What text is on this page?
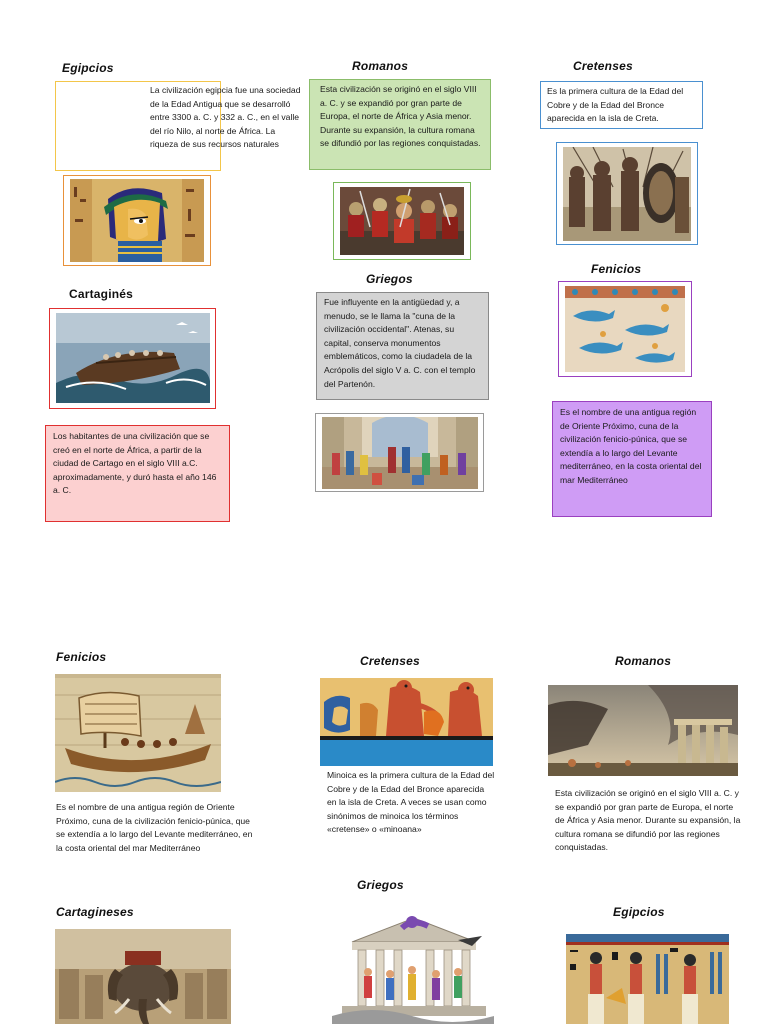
Egipcios
La civilización egipcia fue una sociedad de la Edad Antigua que se desarrolló entre 3300 a. C. y 332 a. C., en el valle del río Nilo, al norte de África. La riqueza de sus recursos naturales
Romanos
Esta civilización se originó en el siglo VIII a. C. y se expandió por gran parte de Europa, el norte de África y Asia menor. Durante su expansión, la cultura romana se difundió por las regiones conquistadas.
Cretenses
Es la primera cultura de la Edad del Cobre y de la Edad del Bronce aparecida en la isla de Creta.
Cartaginés
Los habitantes de una civilización que se creó en el norte de África, a partir de la ciudad de Cartago en el siglo VIII a.C. aproximadamente, y duró hasta el año 146 a. C.
Griegos
Fue influyente en la antigüedad y, a menudo, se le llama la "cuna de la civilización occidental". Atenas, su capital, conserva monumentos emblemáticos, como la ciudadela de la Acrópolis del siglo V a. C. con el templo del Partenón.
Fenicios
Es el nombre de una antigua región de Oriente Próximo, cuna de la civilización fenicio-púnica, que se extendía a lo largo del Levante mediterráneo, en la costa oriental del mar Mediterráneo
Fenicios
Es el nombre de una antigua región de Oriente Próximo, cuna de la civilización fenicio-púnica, que se extendía a lo largo del Levante mediterráneo, en la costa oriental del mar Mediterráneo
Cretenses
Minoica es la primera cultura de la Edad del Cobre y de la Edad del Bronce aparecida en la isla de Creta. A veces se usan como sinónimos de minoica los términos «cretense» o «minoana»
Romanos
Esta civilización se originó en el siglo VIII a. C. y se expandió por gran parte de Europa, el norte de África y Asia menor. Durante su expansión, la cultura romana se difundió por las regiones conquistadas.
Griegos
Cartagineses	Egipcios
